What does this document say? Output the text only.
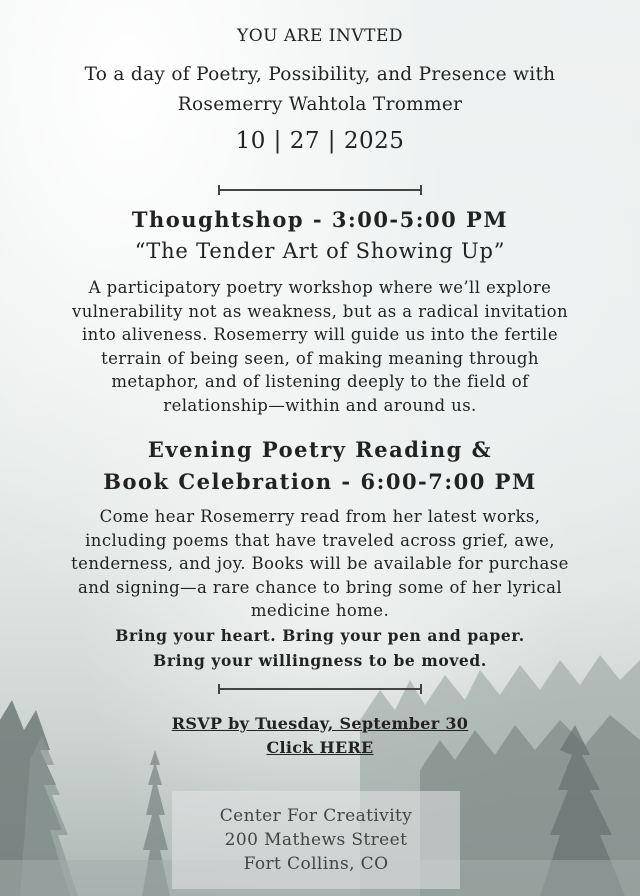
YOU ARE INVTED
To a day of Poetry, Possibility, and Presence with
Rosemerry Wahtola Trommer
10 | 27 | 2025
Thoughtshop - 3:00-5:00 PM
“The Tender Art of Showing Up”
A participatory poetry workshop where we’ll explore
vulnerability not as weakness, but as a radical invitation
into aliveness. Rosemerry will guide us into the fertile
terrain of being seen, of making meaning through
metaphor, and of listening deeply to the field of
relationship—within and around us.
Evening Poetry Reading &
Book Celebration - 6:00-7:00 PM
Come hear Rosemerry read from her latest works,
including poems that have traveled across grief, awe,
tenderness, and joy. Books will be available for purchase
and signing—a rare chance to bring some of her lyrical
medicine home.
Bring your heart. Bring your pen and paper.
Bring your willingness to be moved.
RSVP by Tuesday, September 30
Click HERE
Center For Creativity
200 Mathews Street
Fort Collins, CO
